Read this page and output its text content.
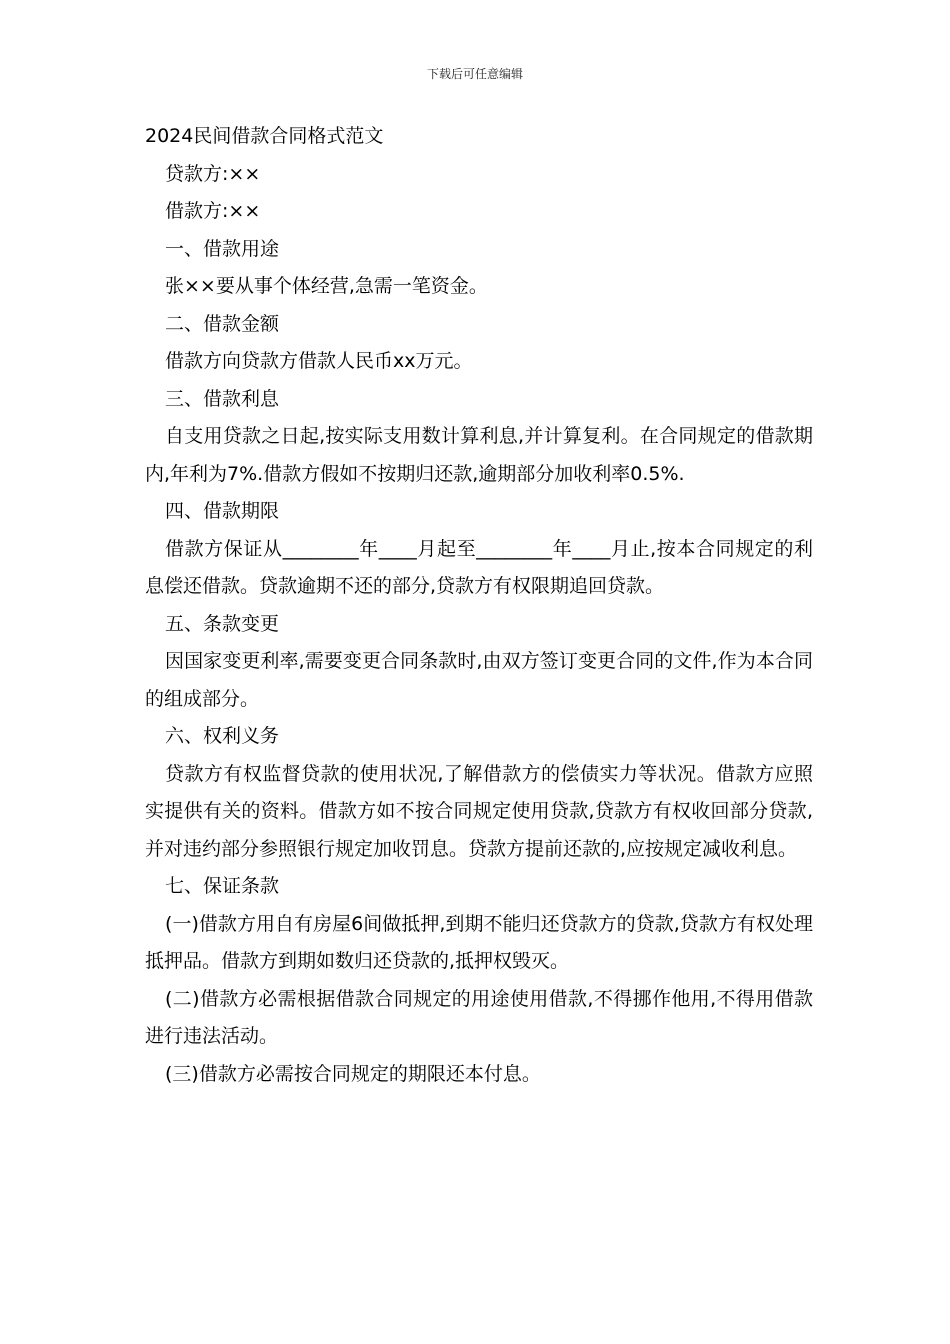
下载后可任意编辑

2024民间借款合同格式范文

贷款方:××

借款方:××

一、借款用途

张××要从事个体经营,急需一笔资金。

二、借款金额

借款方向贷款方借款人民币xx万元。

三、借款利息

自支用贷款之日起,按实际支用数计算利息,并计算复利。在合同规定的借款期内,年利为7%.借款方假如不按期归还款,逾期部分加收利率0.5%.

四、借款期限

借款方保证从________年____月起至________年____月止,按本合同规定的利息偿还借款。贷款逾期不还的部分,贷款方有权限期追回贷款。

五、条款变更

因国家变更利率,需要变更合同条款时,由双方签订变更合同的文件,作为本合同的组成部分。

六、权利义务

贷款方有权监督贷款的使用状况,了解借款方的偿债实力等状况。借款方应照实提供有关的资料。借款方如不按合同规定使用贷款,贷款方有权收回部分贷款,并对违约部分参照银行规定加收罚息。贷款方提前还款的,应按规定减收利息。

七、保证条款

(一)借款方用自有房屋6间做抵押,到期不能归还贷款方的贷款,贷款方有权处理抵押品。借款方到期如数归还贷款的,抵押权毁灭。

(二)借款方必需根据借款合同规定的用途使用借款,不得挪作他用,不得用借款进行违法活动。

(三)借款方必需按合同规定的期限还本付息。
